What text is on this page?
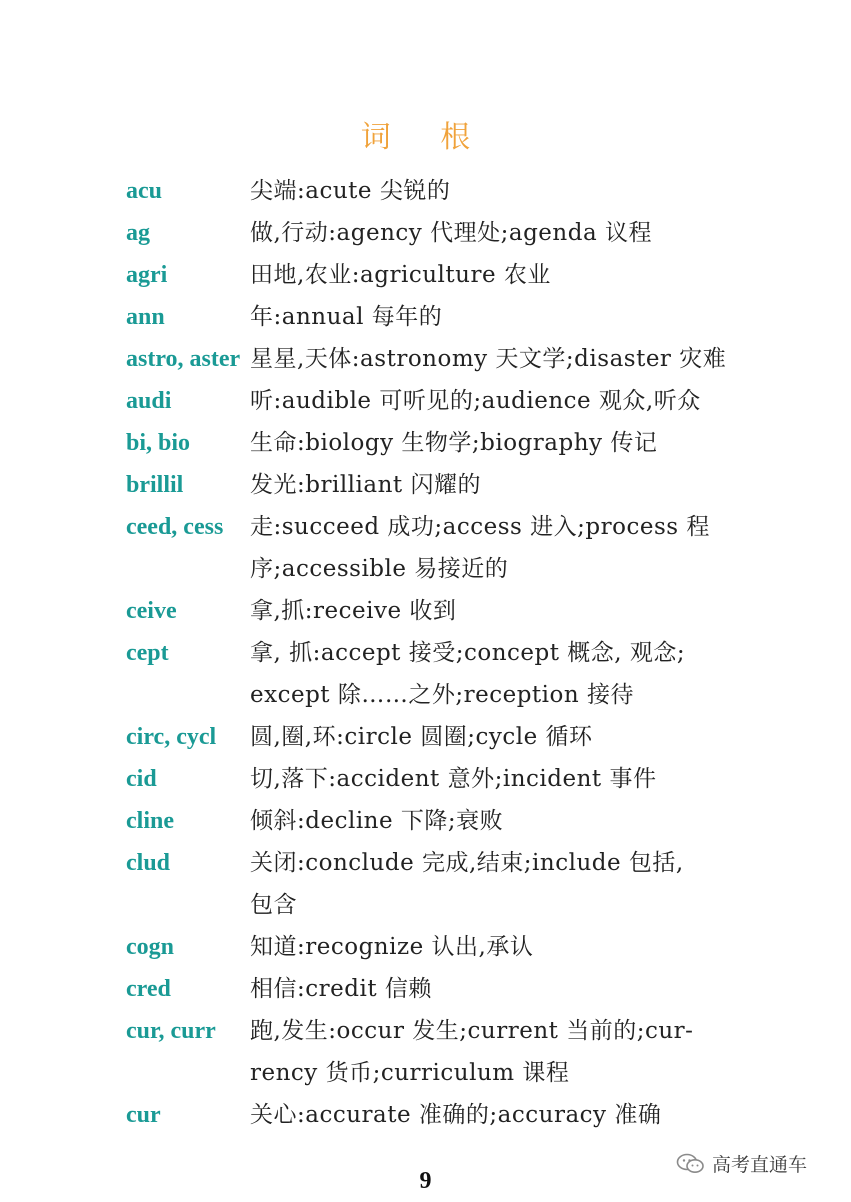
词 根
acu	尖端:acute 尖锐的
ag	做,行动:agency 代理处;agenda 议程
agri	田地,农业:agriculture 农业
ann	年:annual 每年的
astro, aster 星星,天体:astronomy 天文学;disaster 灾难
audi	听:audible 可听见的;audience 观众,听众
bi, bio	生命:biology 生物学;biography 传记
brillil	发光:brilliant 闪耀的
ceed, cess	走:succeed 成功;access 进入;process 程
序;accessible 易接近的
ceive	拿,抓:receive 收到
cept	拿, 抓:accept 接受;concept 概念, 观念;
except 除……之外;reception 接待
circ, cycl	圆,圈,环:circle 圆圈;cycle 循环
cid	切,落下:accident 意外;incident 事件
cline	倾斜:decline 下降;衰败
clud	关闭:conclude 完成,结束;include 包括,
包含
cogn	知道:recognize 认出,承认
cred	相信:credit 信赖
cur, curr	跑,发生:occur 发生;current 当前的;cur-
rency 货币;curriculum 课程
cur	关心:accurate 准确的;accuracy 准确
9
高考直通车
